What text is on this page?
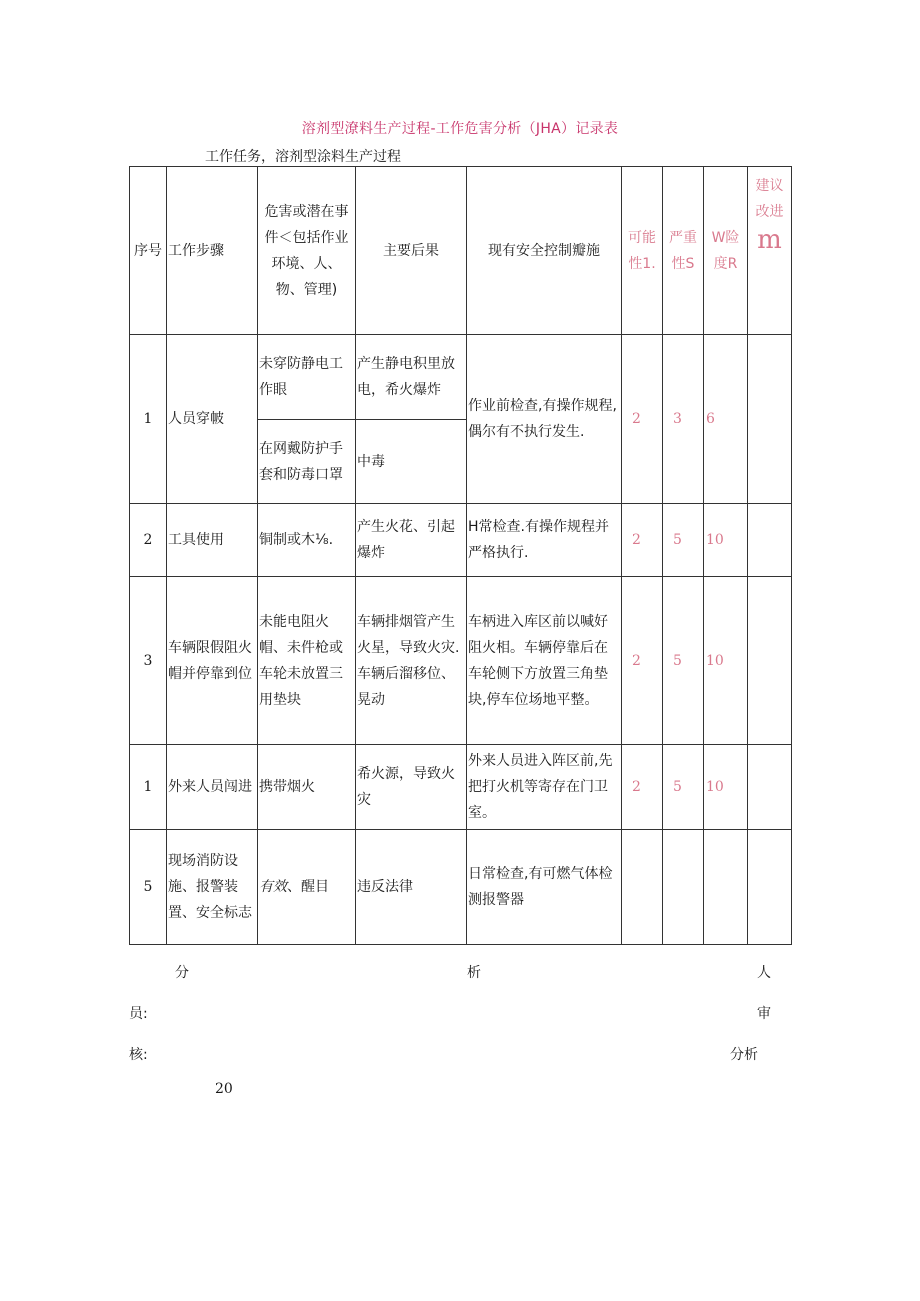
溶剂型潦料生产过程-工作危害分析（JHA）记录表
工作任务，溶剂型涂料生产过程
序号	工作步骤	危害或潜在事件＜包括作业环境、人、物、管理)	主要后果	现有安全控制瓣施	可能性1.	严重性S	W险度R	建议改进
m

1	人员穿帔	未穿防静电工作眼	产生静电积里放电，希火爆炸	作业前检查,有操作规程,偶尔有不执行发生.	2	3	6	
		在网戴防护手套和防毒口罩	中毒					
2	工具使用	铜制或木⅛.	产生火花、引起爆炸	H常检查.有操作规程并严格执行.	2	5	10	
3	车辆限假阻火帽并停靠到位	未能电阻火帽、未件枪或车轮未放置三用垫块	车辆排烟管产生火星，导致火灾.车辆后溜移位、晃动	车柄进入库区前以喊好阻火相。车辆停靠后在车轮侧下方放置三角垫块,停车位场地平整。	2	5	10	
1	外来人员闯进	携带烟火	希火源，导致火灾	外来人员进入阵区前,先把打火机等寄存在门卫室。	2	5	10	
5	现场消防设施、报警装置、安全标志	有效、醒目	违反法律	日常检查,有可燃气体检测报警器				
分	析	人
员:	审
核:	分析
20
